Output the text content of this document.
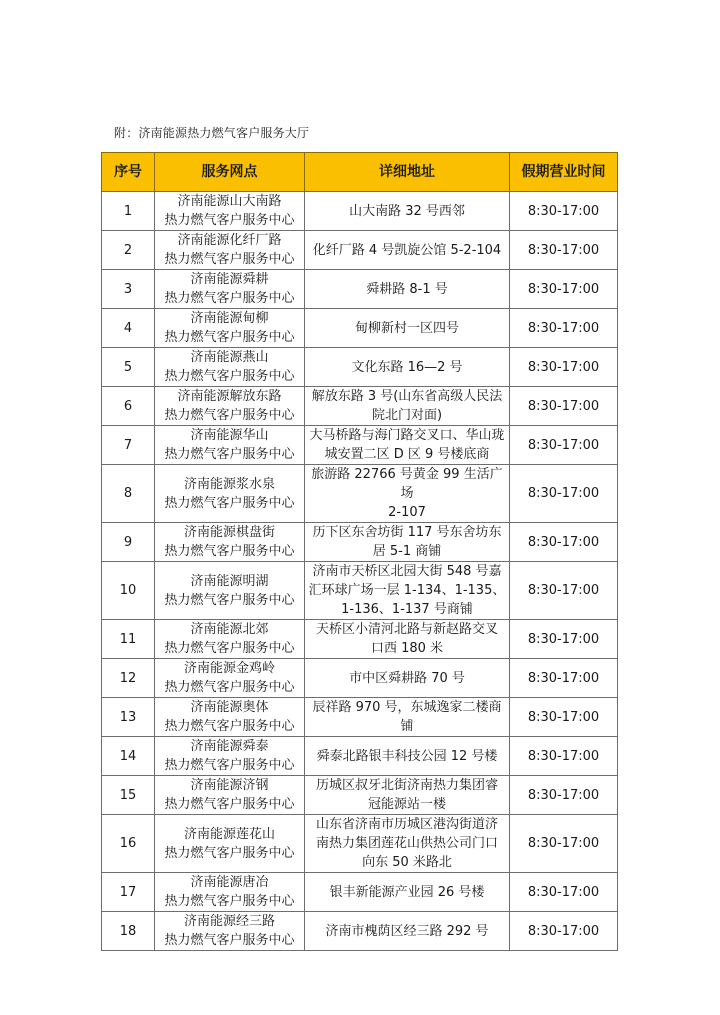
附：济南能源热力燃气客户服务大厅
序号	服务网点	详细地址	假期营业时间
1	济南能源山大南路
热力燃气客户服务中心	山大南路 32 号西邻	8:30-17:00
2	济南能源化纤厂路
热力燃气客户服务中心	化纤厂路 4 号凯旋公馆 5-2-104	8:30-17:00
3	济南能源舜耕
热力燃气客户服务中心	舜耕路 8-1 号	8:30-17:00
4	济南能源甸柳
热力燃气客户服务中心	甸柳新村一区四号	8:30-17:00
5	济南能源燕山
热力燃气客户服务中心	文化东路 16—2 号	8:30-17:00
6	济南能源解放东路
热力燃气客户服务中心	解放东路 3 号(山东省高级人民法
院北门对面)	8:30-17:00
7	济南能源华山
热力燃气客户服务中心	大马桥路与海门路交叉口、华山珑
城安置二区 D 区 9 号楼底商	8:30-17:00
8	济南能源浆水泉
热力燃气客户服务中心	旅游路 22766 号黄金 99 生活广场
2-107	8:30-17:00
9	济南能源棋盘街
热力燃气客户服务中心	历下区东舍坊街 117 号东舍坊东
居 5-1 商铺	8:30-17:00
10	济南能源明湖
热力燃气客户服务中心	济南市天桥区北园大街 548 号嘉
汇环球广场一层 1-134、1-135、
1-136、1-137 号商铺	8:30-17:00
11	济南能源北郊
热力燃气客户服务中心	天桥区小清河北路与新赵路交叉
口西 180 米	8:30-17:00
12	济南能源金鸡岭
热力燃气客户服务中心	市中区舜耕路 70 号	8:30-17:00
13	济南能源奥体
热力燃气客户服务中心	辰祥路 970 号，东城逸家二楼商铺	8:30-17:00
14	济南能源舜泰
热力燃气客户服务中心	舜泰北路银丰科技公园 12 号楼	8:30-17:00
15	济南能源济钢
热力燃气客户服务中心	历城区叔牙北街济南热力集团睿
冠能源站一楼	8:30-17:00
16	济南能源莲花山
热力燃气客户服务中心	山东省济南市历城区港沟街道济
南热力集团莲花山供热公司门口
向东 50 米路北	8:30-17:00
17	济南能源唐冶
热力燃气客户服务中心	银丰新能源产业园 26 号楼	8:30-17:00
18	济南能源经三路
热力燃气客户服务中心	济南市槐荫区经三路 292 号	8:30-17:00
